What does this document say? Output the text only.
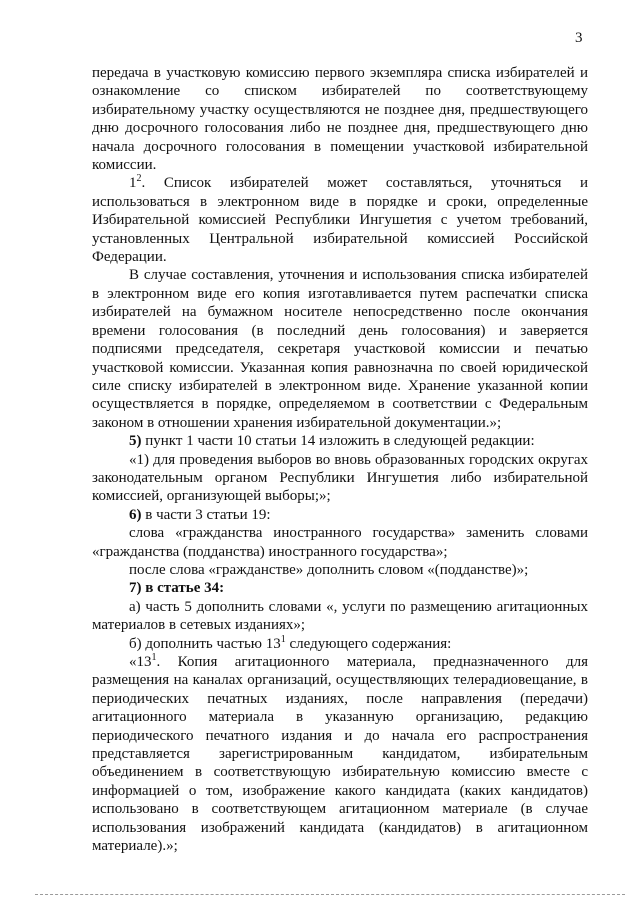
3

передача в участковую комиссию первого экземпляра списка избирателей и ознакомление со списком избирателей по соответствующему избирательному участку осуществляются не позднее дня, предшествующего дню досрочного голосования либо не позднее дня, предшествующего дню начала досрочного голосования в помещении участковой избирательной комиссии.

$1^2$. Список избирателей может составляться, уточняться и использоваться в электронном виде в порядке и сроки, определенные Избирательной комиссией Республики Ингушетия с учетом требований, установленных Центральной избирательной комиссией Российской Федерации.

В случае составления, уточнения и использования списка избирателей в электронном виде его копия изготавливается путем распечатки списка избирателей на бумажном носителе непосредственно после окончания времени голосования (в последний день голосования) и заверяется подписями председателя, секретаря участковой комиссии и печатью участковой комиссии. Указанная копия равнозначна по своей юридической силе списку избирателей в электронном виде. Хранение указанной копии осуществляется в порядке, определяемом в соответствии с Федеральным законом в отношении хранения избирательной документации.»;

5) пункт 1 части 10 статьи 14 изложить в следующей редакции:

«1) для проведения выборов во вновь образованных городских округах законодательным органом Республики Ингушетия либо избирательной комиссией, организующей выборы;»;

6) в части 3 статьи 19:

слова «гражданства иностранного государства» заменить словами «гражданства (подданства) иностранного государства»;

после слова «гражданстве» дополнить словом «(подданстве)»;

7) в статье 34:

а) часть 5 дополнить словами «, услуги по размещению агитационных материалов в сетевых изданиях»;

б) дополнить частью $13^1$ следующего содержания:

«$13^1$. Копия агитационного материала, предназначенного для размещения на каналах организаций, осуществляющих телерадиовещание, в периодических печатных изданиях, после направления (передачи) агитационного материала в указанную организацию, редакцию периодического печатного издания и до начала его распространения представляется зарегистрированным кандидатом, избирательным объединением в соответствующую избирательную комиссию вместе с информацией о том, изображение какого кандидата (каких кандидатов) использовано в соответствующем агитационном материале (в случае использования изображений кандидата (кандидатов) в агитационном материале).»;
